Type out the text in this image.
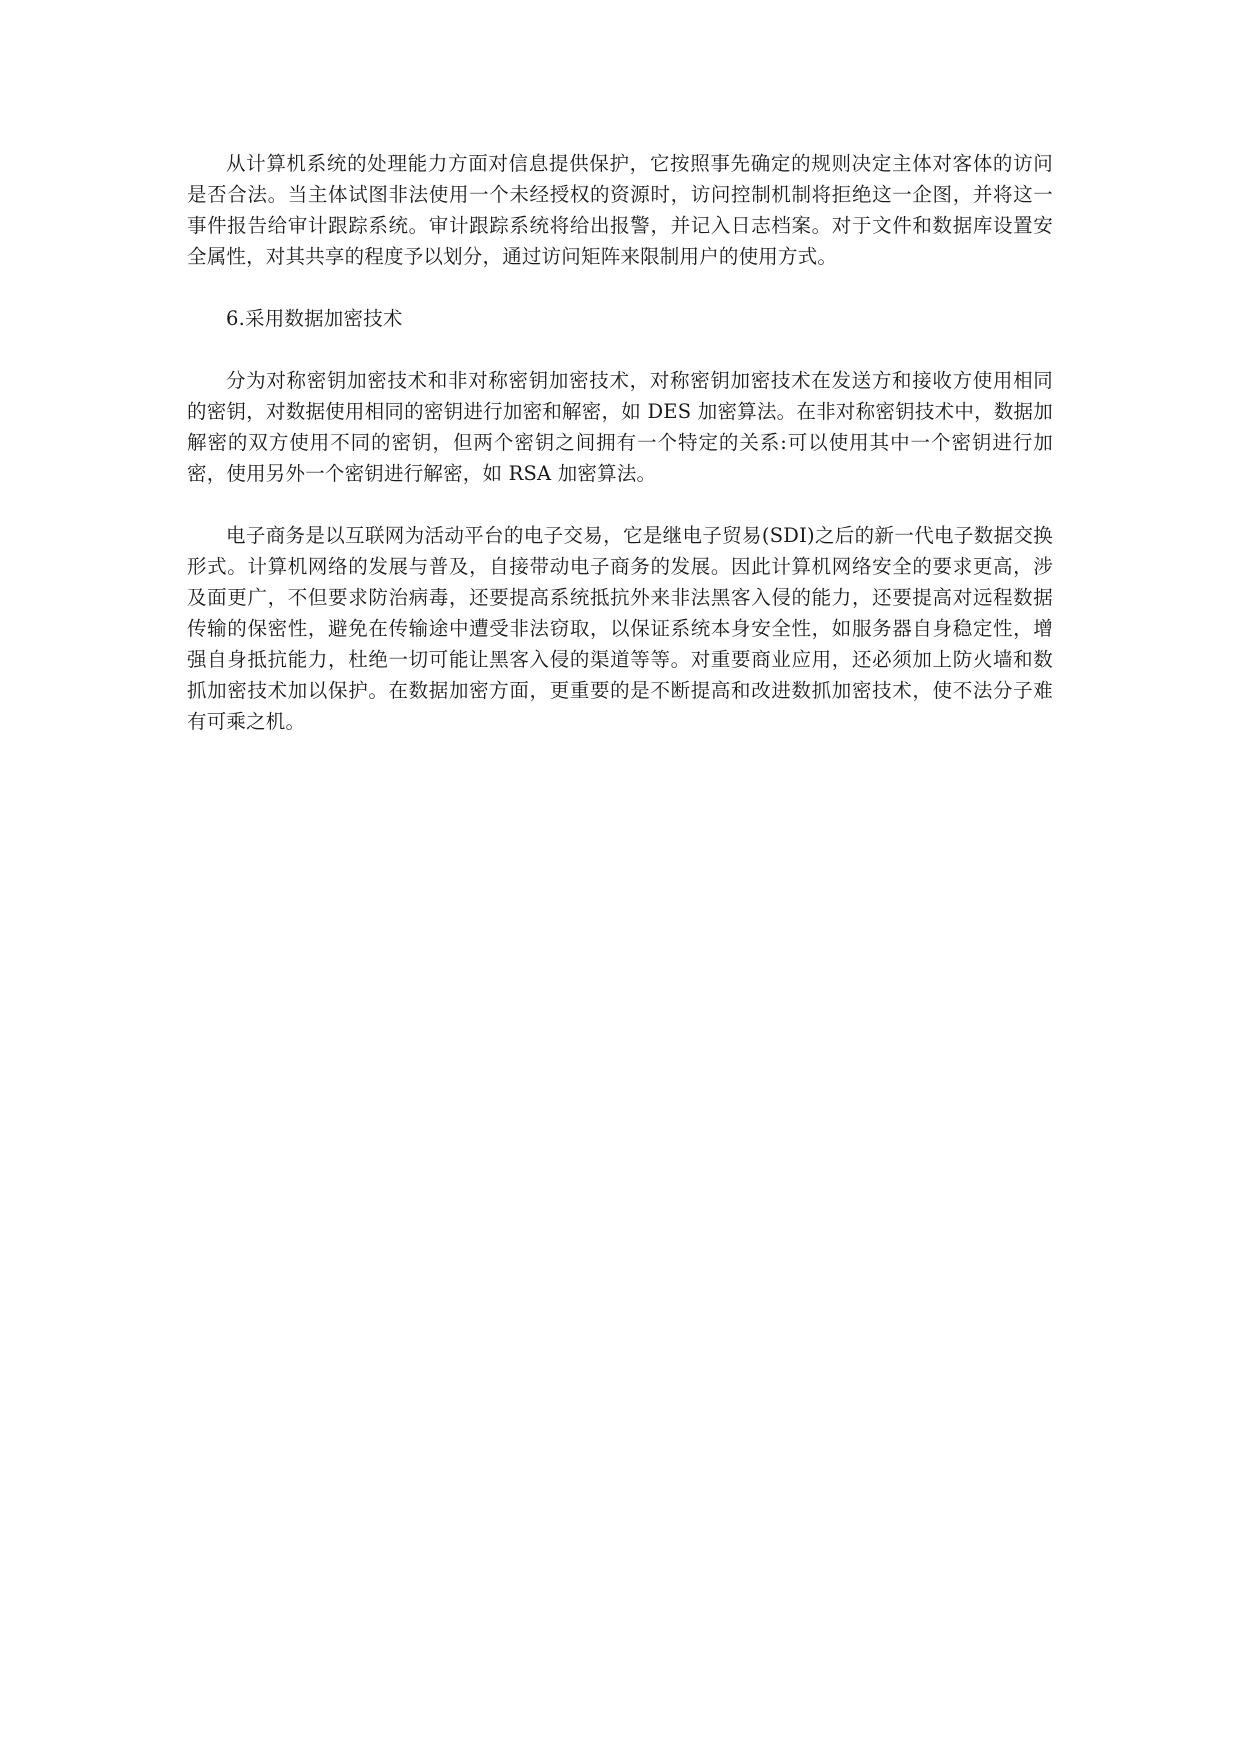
从计算机系统的处理能力方面对信息提供保护，它按照事先确定的规则决定主体对客体的访问是否合法。当主体试图非法使用一个未经授权的资源时，访问控制机制将拒绝这一企图，并将这一事件报告给审计跟踪系统。审计跟踪系统将给出报警，并记入日志档案。对于文件和数据库设置安全属性，对其共享的程度予以划分，通过访问矩阵来限制用户的使用方式。

6.采用数据加密技术

分为对称密钥加密技术和非对称密钥加密技术，对称密钥加密技术在发送方和接收方使用相同的密钥，对数据使用相同的密钥进行加密和解密，如 DES 加密算法。在非对称密钥技术中，数据加解密的双方使用不同的密钥，但两个密钥之间拥有一个特定的关系:可以使用其中一个密钥进行加密，使用另外一个密钥进行解密，如 RSA 加密算法。

电子商务是以互联网为活动平台的电子交易，它是继电子贸易(SDI)之后的新一代电子数据交换形式。计算机网络的发展与普及，自接带动电子商务的发展。因此计算机网络安全的要求更高，涉及面更广，不但要求防治病毒，还要提高系统抵抗外来非法黑客入侵的能力，还要提高对远程数据传输的保密性，避免在传输途中遭受非法窃取，以保证系统本身安全性，如服务器自身稳定性，增强自身抵抗能力，杜绝一切可能让黑客入侵的渠道等等。对重要商业应用，还必须加上防火墙和数抓加密技术加以保护。在数据加密方面，更重要的是不断提高和改进数抓加密技术，使不法分子难有可乘之机。
